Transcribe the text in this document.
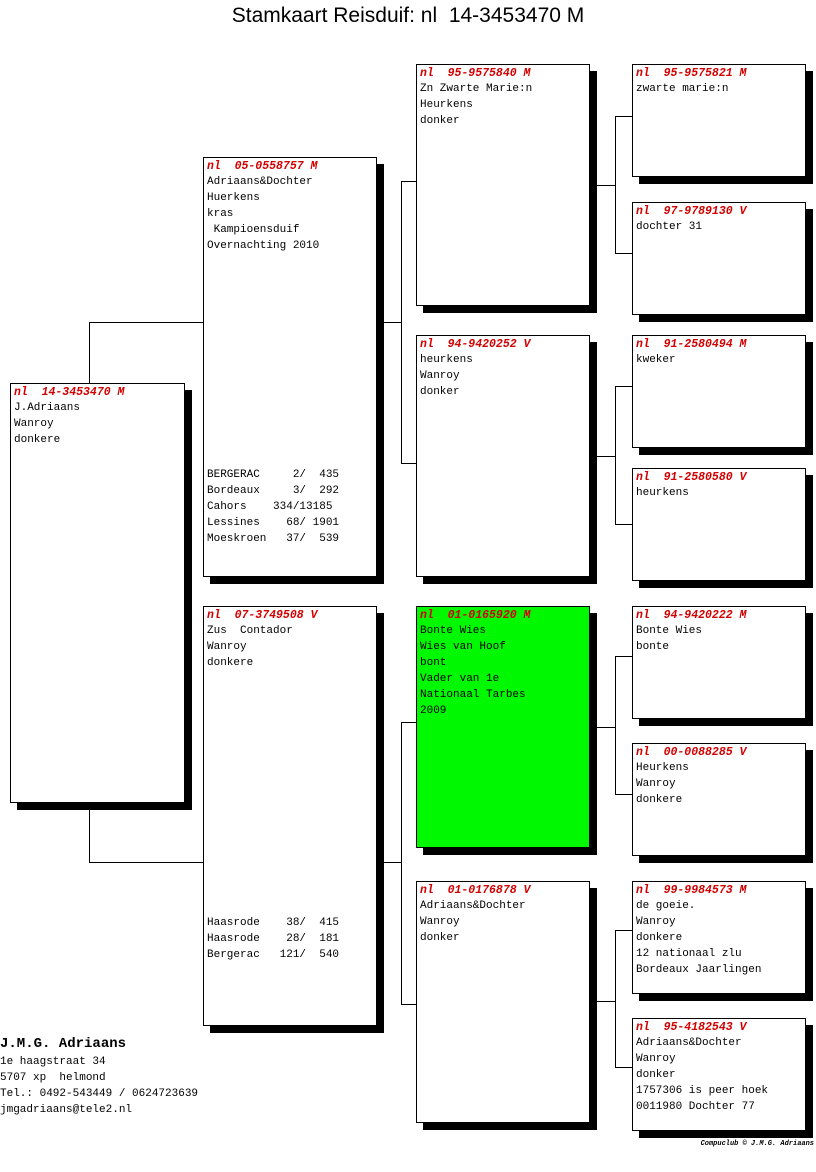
Stamkaart Reisduif: nl  14-3453470 M
nl  14-3453470 M
J.Adriaans
Wanroy
donkere
nl  05-0558757 M
Adriaans&Dochter
Huerkens
kras
Kampioensduif
Overnachting 2010
BERGERAC     2/  435
Bordeaux     3/  292
Cahors    334/13185
Lessines    68/ 1901
Moeskroen   37/  539
nl  07-3749508 V
Zus  Contador
Wanroy
donkere
Haasrode    38/  415
Haasrode    28/  181
Bergerac   121/  540
nl  95-9575840 M
Zn Zwarte Marie:n
Heurkens
donker
nl  94-9420252 V
heurkens
Wanroy
donker
nl  01-0165920 M
Bonte Wies
Wies van Hoof
bont
Vader van 1e
Nationaal Tarbes
2009
nl  01-0176878 V
Adriaans&Dochter
Wanroy
donker
nl  95-9575821 M
zwarte marie:n
nl  97-9789130 V
dochter 31
nl  91-2580494 M
kweker
nl  91-2580580 V
heurkens
nl  94-9420222 M
Bonte Wies
bonte
nl  00-0088285 V
Heurkens
Wanroy
donkere
nl  99-9984573 M
de goeie.
Wanroy
donkere
12 nationaal zlu
Bordeaux Jaarlingen
nl  95-4182543 V
Adriaans&Dochter
Wanroy
donker
1757306 is peer hoek
0011980 Dochter 77
J.M.G. Adriaans
1e haagstraat 34
5707 xp  helmond
Tel.: 0492-543449 / 0624723639
jmgadriaans@tele2.nl
Compuclub © J.M.G. Adriaans
